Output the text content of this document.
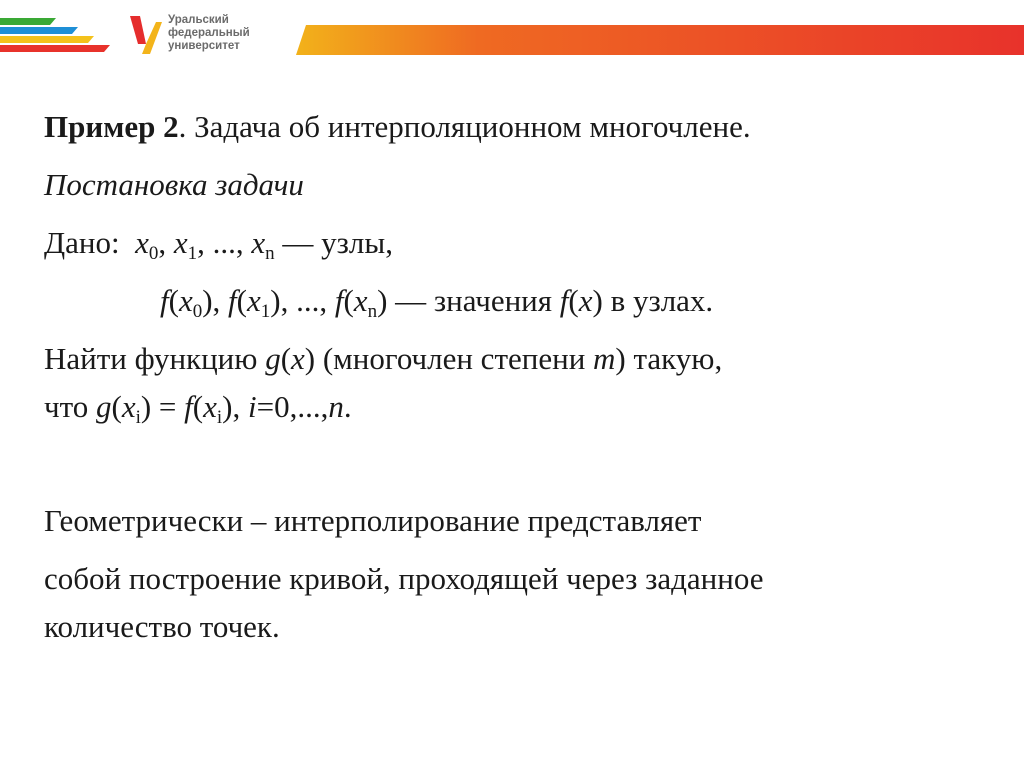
Уральский
федеральный
университет
Пример 2. Задача об интерполяционном многочлене.
Постановка задачи
Дано: $x_0$, $x_1$, ..., $x_n$ — узлы,
$f(x_0)$, $f(x_1)$, ..., $f(x_n)$ — значения f(x) в узлах.
Найти функцию g(x) (многочлен степени m) такую,
что $g(x_i) = f(x_i)$, i=0,...,n.
Геометрически – интерполирование представляет
собой построение кривой, проходящей через заданное
количество точек.
